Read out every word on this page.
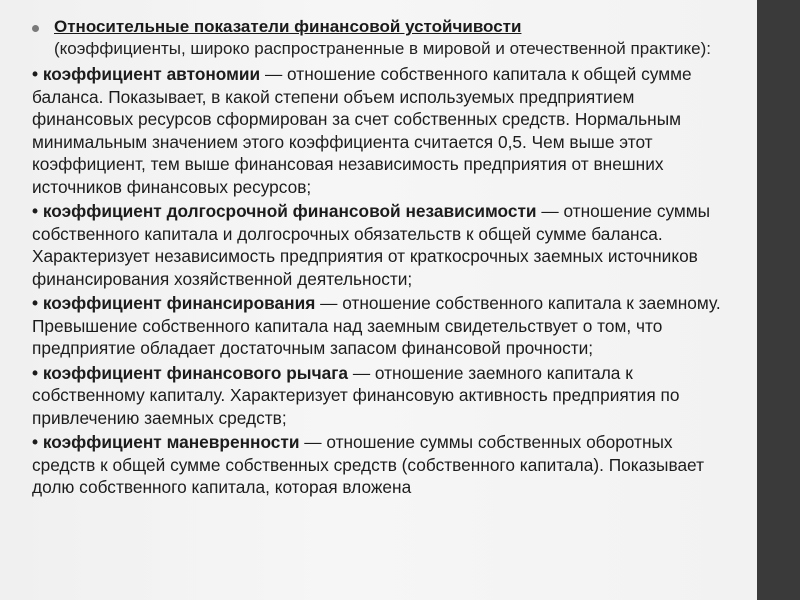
Относительные показатели финансовой устойчивости
(коэффициенты, широко распространенные в мировой и отечественной практике):
• коэффициент автономии — отношение собственного капитала к общей сумме баланса. Показывает, в какой степени объем используемых предприятием финансовых ресурсов сформирован за счет собственных средств. Нормальным минимальным значением этого коэффициента считается 0,5. Чем выше этот коэффициент, тем выше финансовая независимость предприятия от внешних источников финансовых ресурсов;
• коэффициент долгосрочной финансовой независимости — отношение суммы собственного капитала и долгосрочных обязательств к общей сумме баланса. Характеризует независимость предприятия от краткосрочных заемных источников финансирования хозяйственной деятельности;
• коэффициент финансирования — отношение собственного капитала к заемному. Превышение собственного капитала над заемным свидетельствует о том, что предприятие обладает достаточным запасом финансовой прочности;
• коэффициент финансового рычага — отношение заемного капитала к собственному капиталу. Характеризует финансовую активность предприятия по привлечению заемных средств;
• коэффициент маневренности — отношение суммы собственных оборотных средств к общей сумме собственных средств (собственного капитала). Показывает долю собственного капитала, которая вложена
